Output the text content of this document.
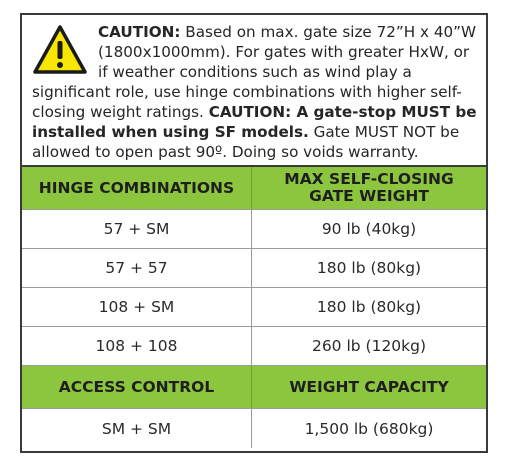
CAUTION: Based on max. gate size 72”H x 40”W (1800x1000mm). For gates with greater HxW, or if weather conditions such as wind play a significant role, use hinge combinations with higher self-closing weight ratings. CAUTION: A gate-stop MUST be installed when using SF models. Gate MUST NOT be allowed to open past 90º. Doing so voids warranty.
HINGE COMBINATIONS	MAX SELF-CLOSING
GATE WEIGHT
57 + SM	90 lb (40kg)
57 + 57	180 lb (80kg)
108 + SM	180 lb (80kg)
108 + 108	260 lb (120kg)
ACCESS CONTROL	WEIGHT CAPACITY
SM + SM	1,500 lb (680kg)
